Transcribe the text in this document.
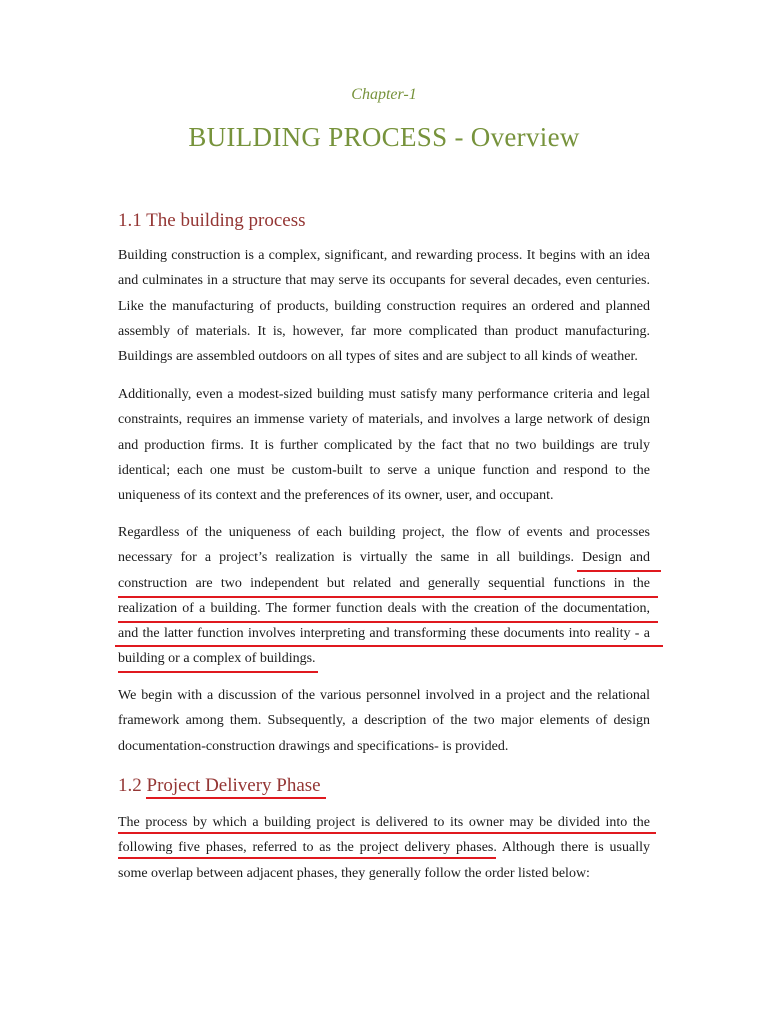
Chapter-1
BUILDING PROCESS - Overview
1.1 The building process

Building construction is a complex, significant, and rewarding process. It begins with an idea and culminates in a structure that may serve its occupants for several decades, even centuries. Like the manufacturing of products, building construction requires an ordered and planned assembly of materials. It is, however, far more complicated than product manufacturing. Buildings are assembled outdoors on all types of sites and are subject to all kinds of weather.

Additionally, even a modest-sized building must satisfy many performance criteria and legal constraints, requires an immense variety of materials, and involves a large network of design and production firms. It is further complicated by the fact that no two buildings are truly identical; each one must be custom-built to serve a unique function and respond to the uniqueness of its context and the preferences of its owner, user, and occupant.

Regardless of the uniqueness of each building project, the flow of events and processes necessary for a project’s realization is virtually the same in all buildings. Design and construction are two independent but related and generally sequential functions in the realization of a building. The former function deals with the creation of the documentation, and the latter function involves interpreting and transforming these documents into reality - a building or a complex of buildings.

We begin with a discussion of the various personnel involved in a project and the relational framework among them. Subsequently, a description of the two major elements of design documentation-construction drawings and specifications- is provided.

1.2 Project Delivery Phase

The process by which a building project is delivered to its owner may be divided into the following five phases, referred to as the project delivery phases. Although there is usually some overlap between adjacent phases, they generally follow the order listed below:
